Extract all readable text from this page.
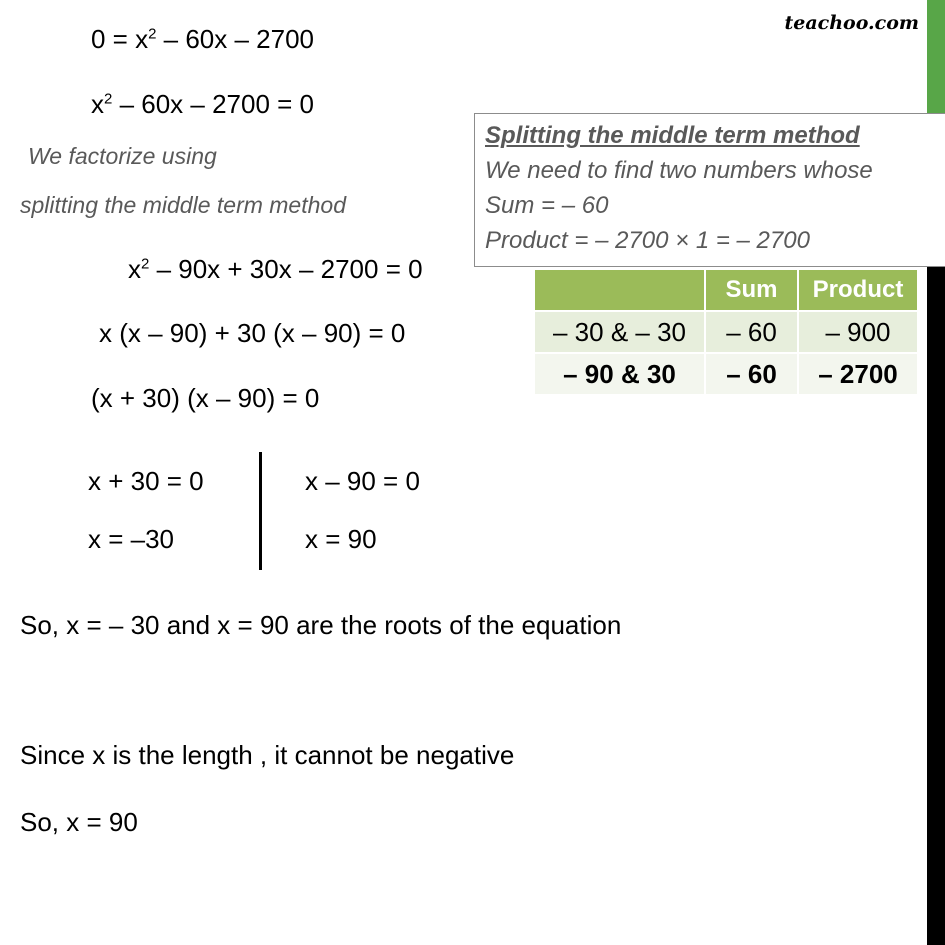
teachoo.com
$0 = x^2 - 60x - 2700$
$x^2 - 60x - 2700 = 0$
We factorize using
splitting the middle term method
$x^2 - 90x + 30x - 2700 = 0$
x (x – 90) + 30 (x – 90) = 0
(x + 30) (x – 90) = 0
x + 30 = 0
x = –30
x – 90 = 0
x = 90
So, x = – 30 and x = 90 are the roots of the equation
Since x is the length , it cannot be negative
So, x = 90
Splitting the middle term method
We need to find two numbers whose
Sum = – 60
Product = – 2700 × 1 = – 2700
	Sum	Product
– 30 & – 30	– 60	– 900
– 90 & 30	– 60	– 2700
